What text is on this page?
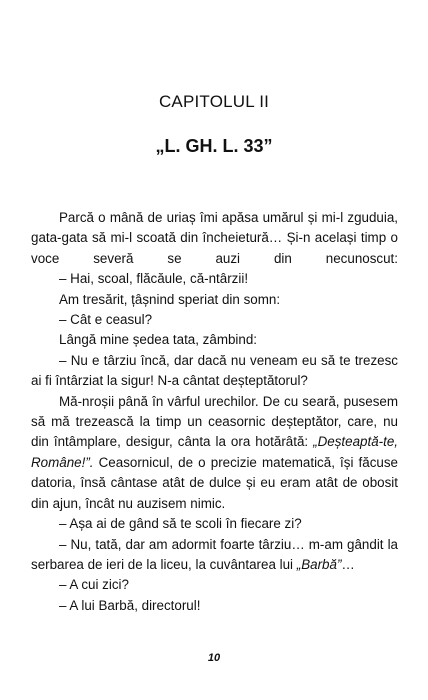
CAPITOLUL II
„L. GH. L. 33”

Parcă o mână de uriaș îmi apăsa umărul și mi-l zguduia, gata-gata să mi-l scoată din încheietură… Și-n același timp o voce severă se auzi din necunoscut:

– Hai, scoal, flăcăule, că-ntârzii!

Am tresărit, țâșnind speriat din somn:

– Cât e ceasul?

Lângă mine ședea tata, zâmbind:

– Nu e târziu încă, dar dacă nu veneam eu să te trezesc ai fi întârziat la sigur! N-a cântat deșteptătorul?

Mă-nroșii până în vârful urechilor. De cu seară, pusesem să mă trezească la timp un ceasornic deșteptător, care, nu din întâmplare, desigur, cânta la ora hotărâtă: „Deșteaptă-te, Române!”. Ceasornicul, de o precizie matematică, își făcuse datoria, însă cântase atât de dulce și eu eram atât de obosit din ajun, încât nu auzisem nimic.

– Așa ai de gând să te scoli în fiecare zi?

– Nu, tată, dar am adormit foarte târziu… m-am gândit la serbarea de ieri de la liceu, la cuvântarea lui „Barbă”…

– A cui zici?

– A lui Barbă, directorul!

10
